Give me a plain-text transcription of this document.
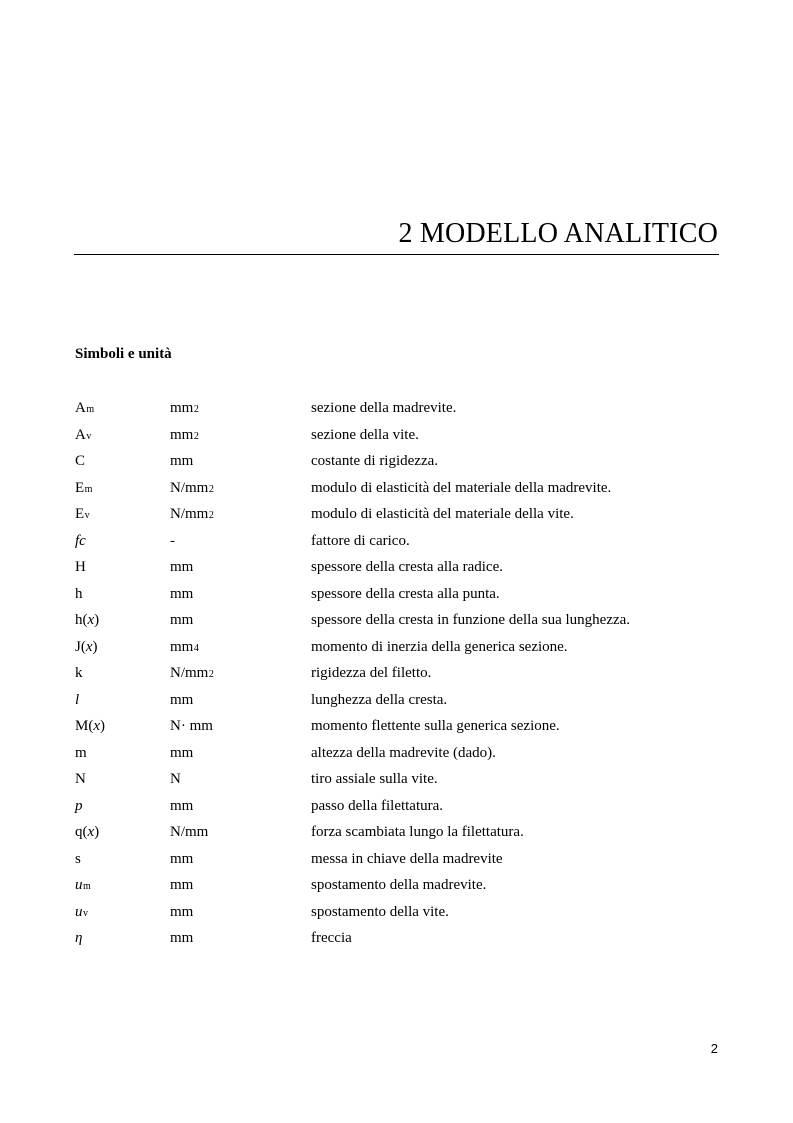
2 MODELLO ANALITICO
Simboli e unità
Am	mm2	sezione della madrevite.
Av	mm2	sezione della vite.
C	mm	costante di rigidezza.
Em	N/mm2	modulo di elasticità del materiale della madrevite.
Ev	N/mm2	modulo di elasticità del materiale della vite.
fc	-	fattore di carico.
H	mm	spessore della cresta alla radice.
h	mm	spessore della cresta alla punta.
h(x)	mm	spessore della cresta in funzione della sua lunghezza.
J(x)	mm4	momento di inerzia della generica sezione.
k	N/mm2	rigidezza del filetto.
l	mm	lunghezza della cresta.
M(x)	N· mm	momento flettente sulla generica sezione.
m	mm	altezza della madrevite (dado).
N	N	tiro assiale sulla vite.
p	mm	passo della filettatura.
q(x)	N/mm	forza scambiata lungo la filettatura.
s	mm	messa in chiave della madrevite
um	mm	spostamento della madrevite.
uv	mm	spostamento della vite.
η	mm	freccia
2
